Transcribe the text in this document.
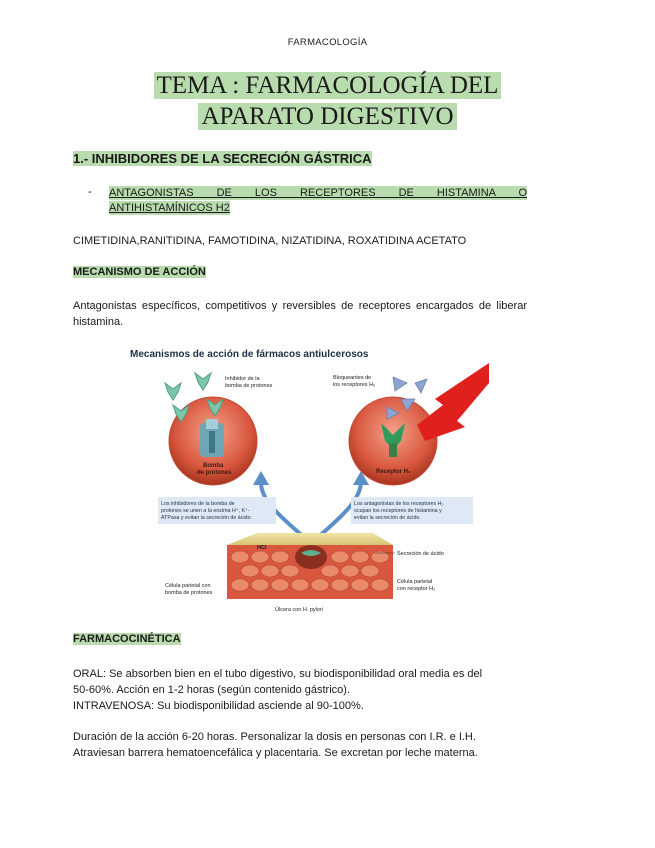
FARMACOLOGÍA
TEMA : FARMACOLOGÍA DEL
APARATO DIGESTIVO
1.- INHIBIDORES DE LA SECRECIÓN GÁSTRICA
- ANTAGONISTAS DE LOS RECEPTORES DE HISTAMINA O
ANTIHISTAMÍNICOS H2
CIMETIDINA,RANITIDINA, FAMOTIDINA, NIZATIDINA, ROXATIDINA ACETATO
MECANISMO DE ACCIÓN
Antagonistas específicos, competitivos y reversibles de receptores encargados de liberar histamina.
Mecanismos de acción de fármacos antiulcerosos
Inhibidor de la bomba de protones
Bomba de protones
Bloqueantes de los receptores H₂
Receptor H₂
Los inhibidores de la bomba de protones se unen a la enzima H⁺, K⁺- ATPasa y evitan la secreción de ácido.
Los antagonistas de los receptores H₂ ocupan los receptores de histamina y evitan la secreción de ácido.
HCl
Secreción de ácido
Célula parietal con bomba de protones
Célula parietal con receptor H₂
Úlcera con H. pylori
FARMACOCINÉTICA
ORAL: Se absorben bien en el tubo digestivo, su biodisponibilidad oral media es del
50-60%. Acción en 1-2 horas (según contenido gástrico).
INTRAVENOSA: Su biodisponibilidad asciende al 90-100%.
Duración de la acción 6-20 horas. Personalizar la dosis en personas con I.R. e I.H.
Atraviesan barrera hematoencefálica y placentaria. Se excretan por leche materna.
